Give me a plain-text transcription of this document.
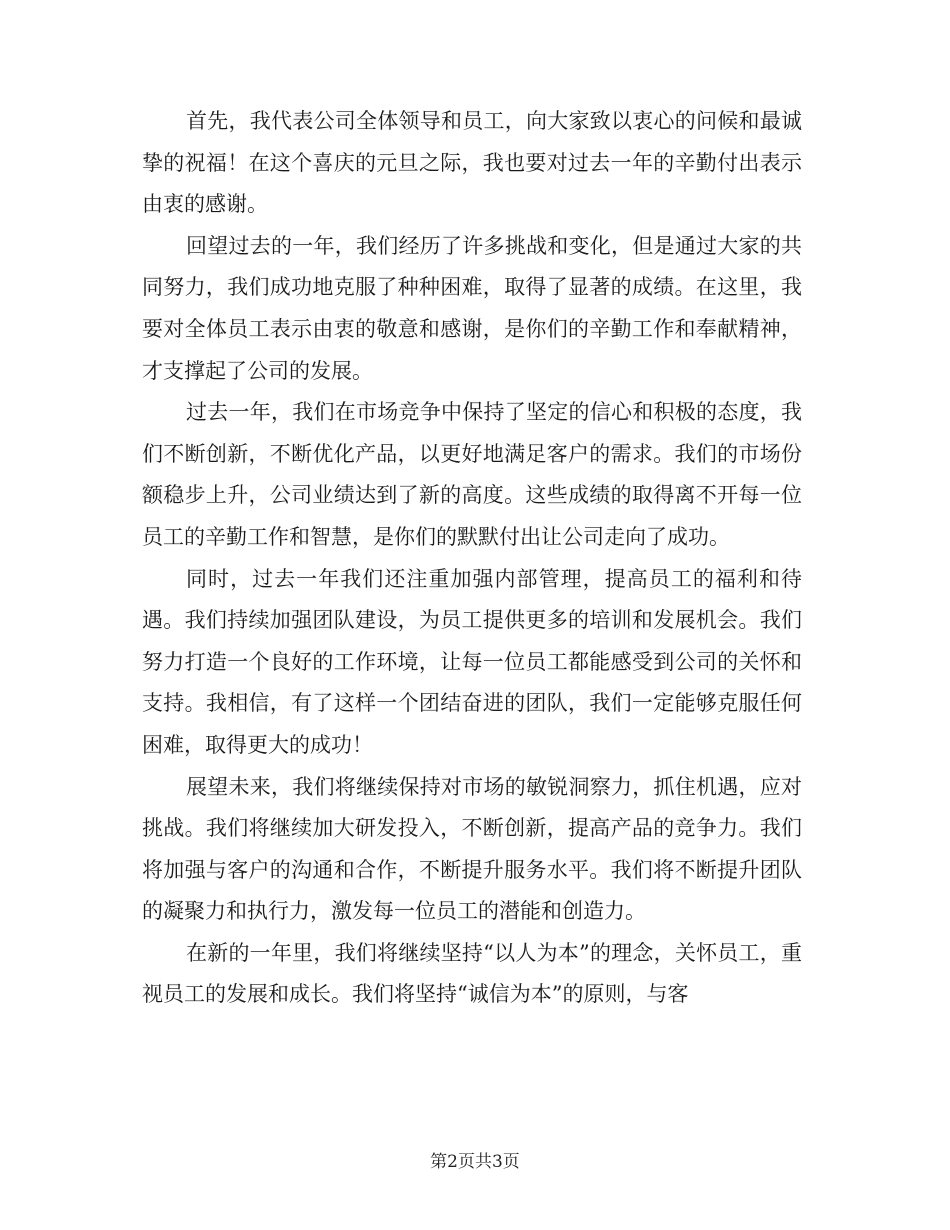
首先，我代表公司全体领导和员工，向大家致以衷心的问候和最诚挚的祝福！在这个喜庆的元旦之际，我也要对过去一年的辛勤付出表示由衷的感谢。

回望过去的一年，我们经历了许多挑战和变化，但是通过大家的共同努力，我们成功地克服了种种困难，取得了显著的成绩。在这里，我要对全体员工表示由衷的敬意和感谢，是你们的辛勤工作和奉献精神，才支撑起了公司的发展。

过去一年，我们在市场竞争中保持了坚定的信心和积极的态度，我们不断创新，不断优化产品，以更好地满足客户的需求。我们的市场份额稳步上升，公司业绩达到了新的高度。这些成绩的取得离不开每一位员工的辛勤工作和智慧，是你们的默默付出让公司走向了成功。

同时，过去一年我们还注重加强内部管理，提高员工的福利和待遇。我们持续加强团队建设，为员工提供更多的培训和发展机会。我们努力打造一个良好的工作环境，让每一位员工都能感受到公司的关怀和支持。我相信，有了这样一个团结奋进的团队，我们一定能够克服任何困难，取得更大的成功！

展望未来，我们将继续保持对市场的敏锐洞察力，抓住机遇，应对挑战。我们将继续加大研发投入，不断创新，提高产品的竞争力。我们将加强与客户的沟通和合作，不断提升服务水平。我们将不断提升团队的凝聚力和执行力，激发每一位员工的潜能和创造力。

在新的一年里，我们将继续坚持“以人为本”的理念，关怀员工，重视员工的发展和成长。我们将坚持“诚信为本”的原则，与客

第2页共3页
